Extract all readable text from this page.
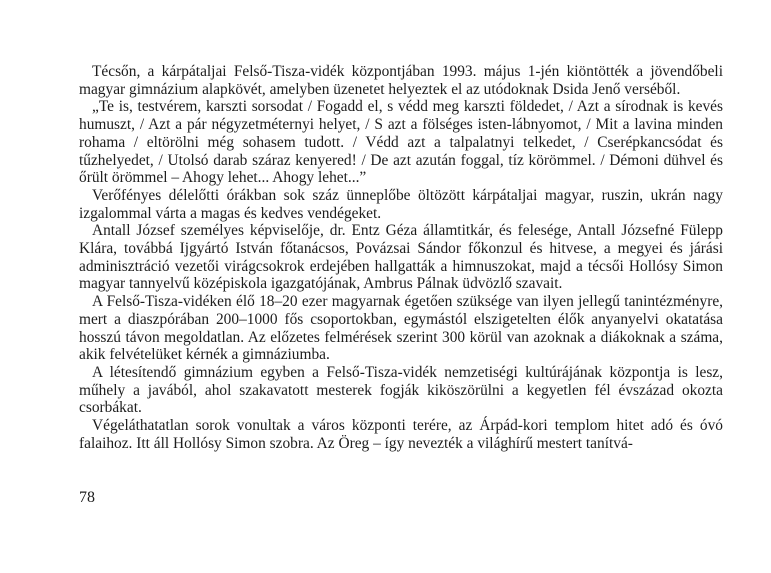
Técsőn, a kárpátaljai Felső-Tisza-vidék központjában 1993. május 1-jén kiöntötték a jövendőbeli magyar gimnázium alapkövét, amelyben üzenetet helyeztek el az utódoknak Dsida Jenő verséből.

„Te is, testvérem, karszti sorsodat / Fogadd el, s védd meg karszti földedet, / Azt a sírodnak is kevés humuszt, / Azt a pár négyzetméternyi helyet, / S azt a fölséges isten-lábnyomot, / Mit a lavina minden rohama / eltörölni még sohasem tudott. / Védd azt a talpalatnyi telkedet, / Cserépkancsódat és tűzhelyedet, / Utolsó darab száraz kenyered! / De azt azután foggal, tíz körömmel. / Démoni dühvel és őrült örömmel – Ahogy lehet... Ahogy lehet...”

Verőfényes délelőtti órákban sok száz ünneplőbe öltözött kárpátaljai magyar, ruszin, ukrán nagy izgalommal várta a magas és kedves vendégeket.

Antall József személyes képviselője, dr. Entz Géza államtitkár, és felesége, Antall Józsefné Fülepp Klára, továbbá Ijgyártó István főtanácsos, Povázsai Sándor főkonzul és hitvese, a megyei és járási adminisztráció vezetői virágcsokrok erdejében hallgatták a himnuszokat, majd a técsői Hollósy Simon magyar tannyelvű középiskola igazgatójának, Ambrus Pálnak üdvözlő szavait.

A Felső-Tisza-vidéken élő 18–20 ezer magyarnak égetően szüksége van ilyen jellegű tanintézményre, mert a diaszpórában 200–1000 fős csoportokban, egymástól elszigetelten élők anyanyelvi okatatása hosszú távon megoldatlan. Az előzetes felmérések szerint 300 körül van azoknak a diákoknak a száma, akik felvételüket kérnék a gimnáziumba.

A létesítendő gimnázium egyben a Felső-Tisza-vidék nemzetiségi kultúrájának központja is lesz, műhely a javából, ahol szakavatott mesterek fogják kiköszörülni a kegyetlen fél évszázad okozta csorbákat.

Végeláthatatlan sorok vonultak a város központi terére, az Árpád-kori templom hitet adó és óvó falaihoz. Itt áll Hollósy Simon szobra. Az Öreg – így nevezték a világhírű mestert tanítvá-

78
